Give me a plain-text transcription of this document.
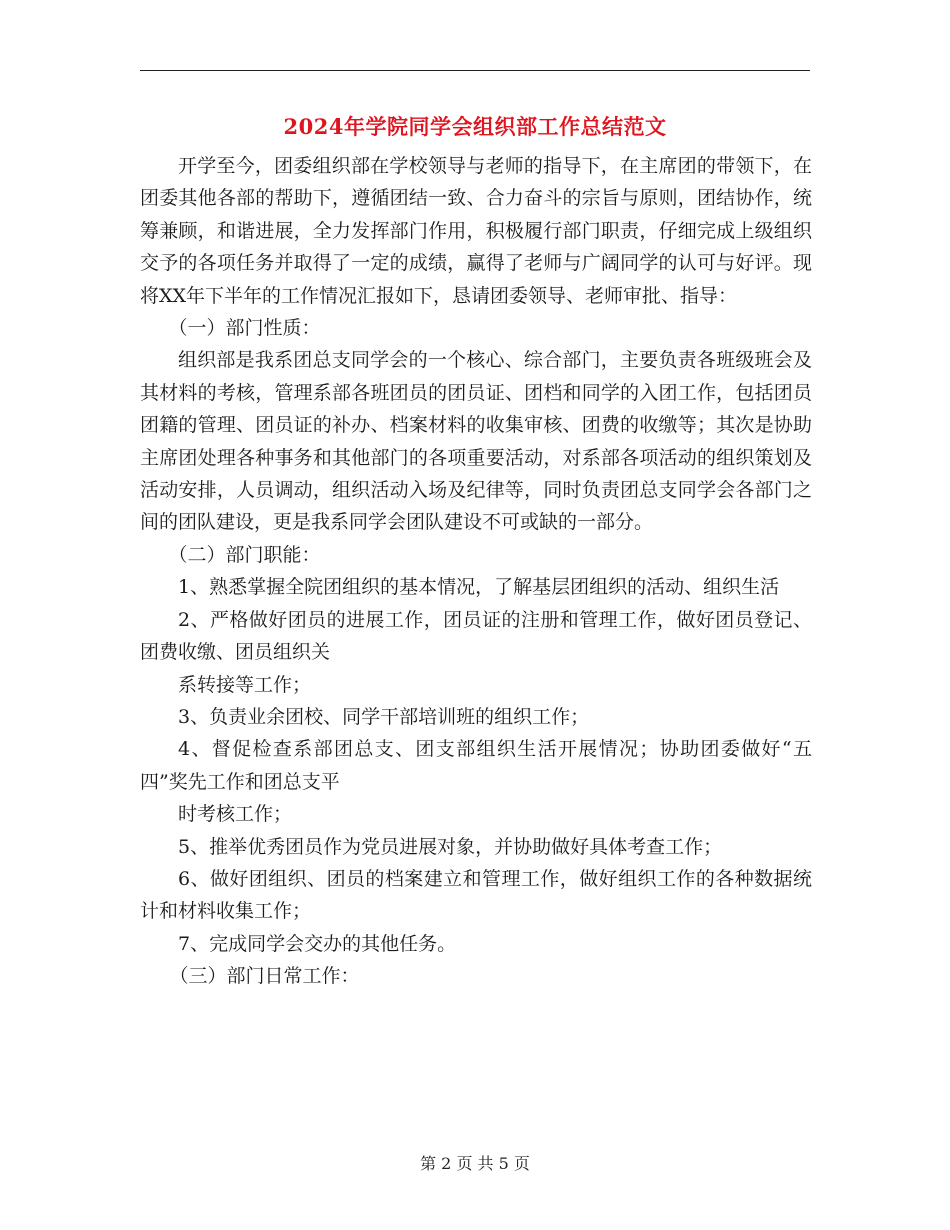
2024年学院同学会组织部工作总结范文

开学至今，团委组织部在学校领导与老师的指导下，在主席团的带领下，在团委其他各部的帮助下，遵循团结一致、合力奋斗的宗旨与原则，团结协作，统筹兼顾，和谐进展，全力发挥部门作用，积极履行部门职责，仔细完成上级组织交予的各项任务并取得了一定的成绩，赢得了老师与广阔同学的认可与好评。现将XX年下半年的工作情况汇报如下，恳请团委领导、老师审批、指导：

（一）部门性质：

组织部是我系团总支同学会的一个核心、综合部门，主要负责各班级班会及其材料的考核，管理系部各班团员的团员证、团档和同学的入团工作，包括团员团籍的管理、团员证的补办、档案材料的收集审核、团费的收缴等；其次是协助主席团处理各种事务和其他部门的各项重要活动，对系部各项活动的组织策划及活动安排，人员调动，组织活动入场及纪律等，同时负责团总支同学会各部门之间的团队建设，更是我系同学会团队建设不可或缺的一部分。

（二）部门职能：

1、熟悉掌握全院团组织的基本情况，了解基层团组织的活动、组织生活

2、严格做好团员的进展工作，团员证的注册和管理工作，做好团员登记、团费收缴、团员组织关

系转接等工作；

3、负责业余团校、同学干部培训班的组织工作；

4、督促检查系部团总支、团支部组织生活开展情况；协助团委做好“五四”奖先工作和团总支平

时考核工作；

5、推举优秀团员作为党员进展对象，并协助做好具体考查工作；

6、做好团组织、团员的档案建立和管理工作，做好组织工作的各种数据统计和材料收集工作；

7、完成同学会交办的其他任务。

（三）部门日常工作：

第 2 页 共 5 页
